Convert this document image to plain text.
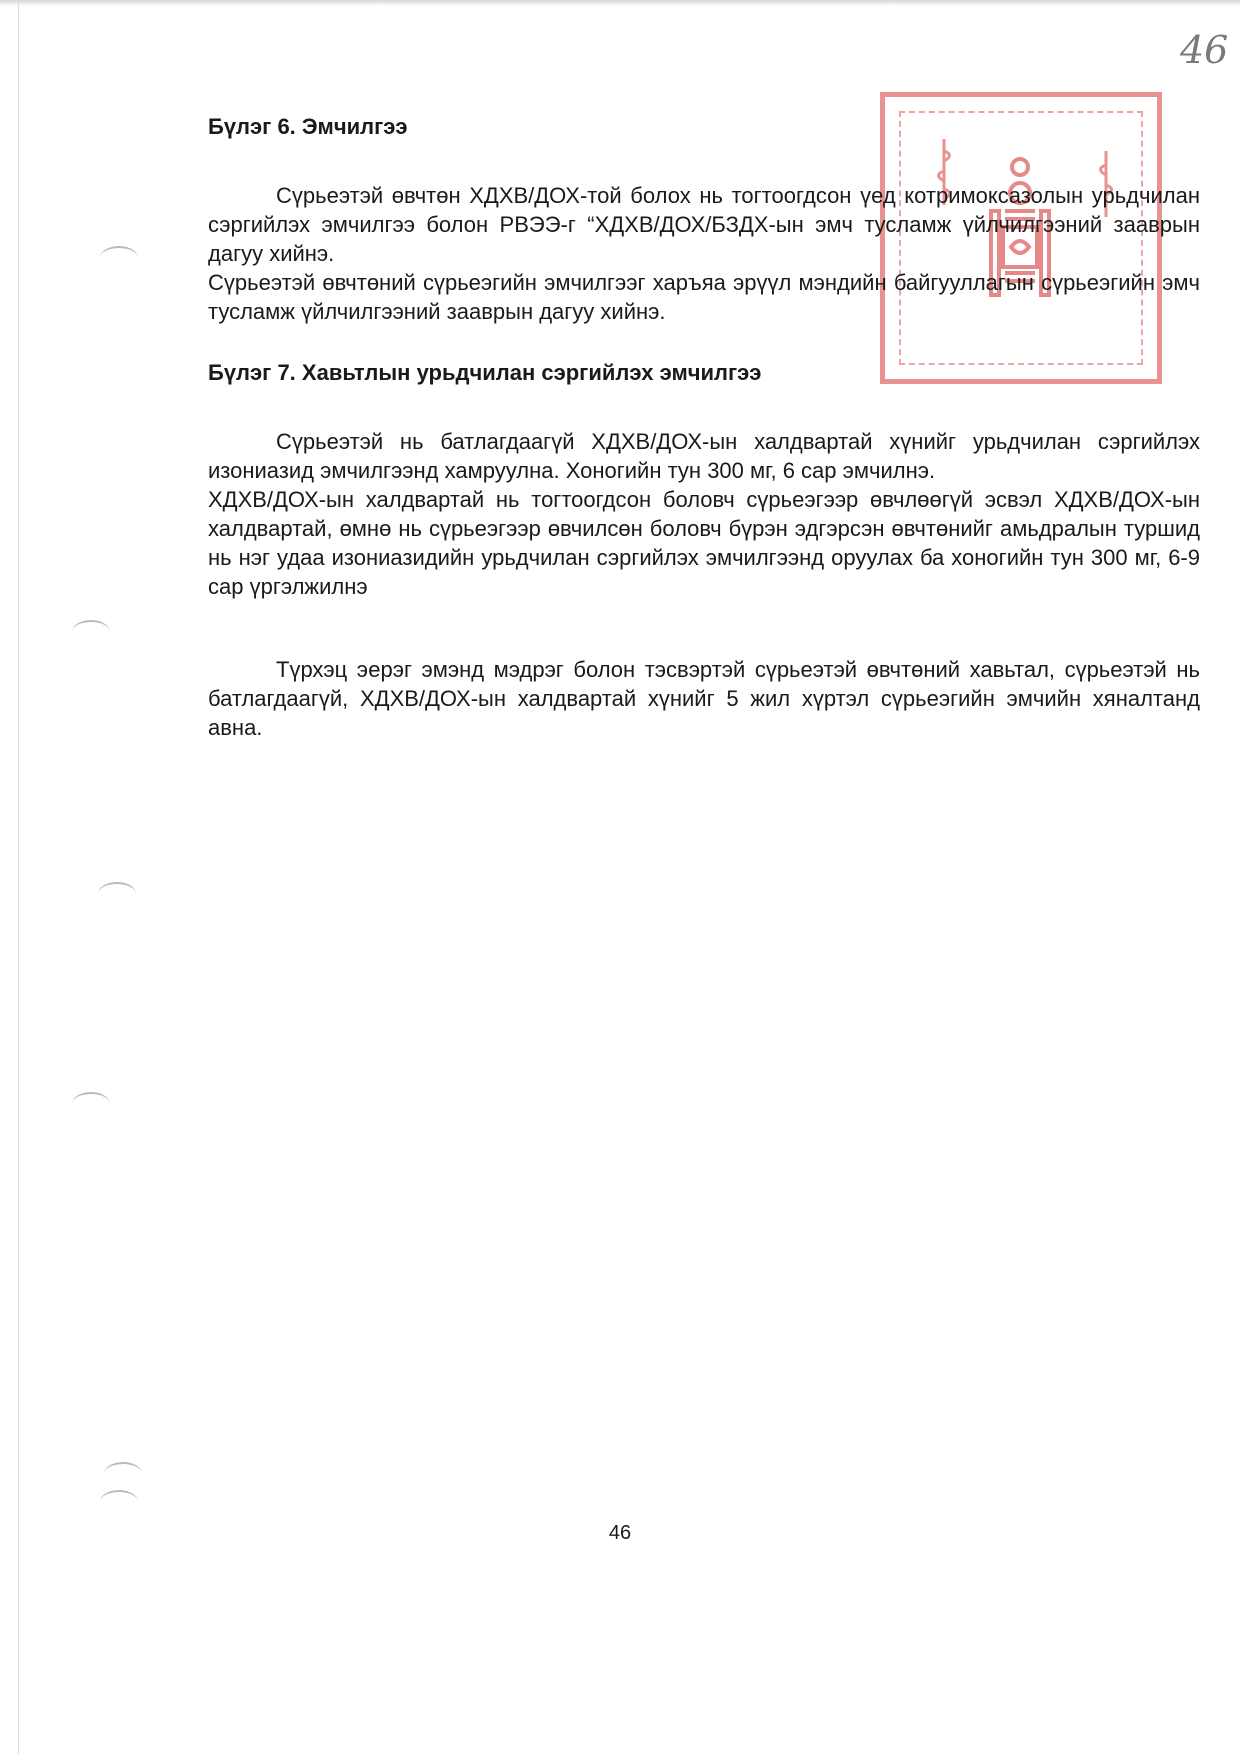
46

Бүлэг 6. Эмчилгээ

Сүрьеэтэй өвчтөн ХДХВ/ДОХ-той болох нь тогтоогдсон үед котримоксазолын урьдчилан сэргийлэх эмчилгээ болон РВЭЭ-г “ХДХВ/ДОХ/БЗДХ-ын эмч тусламж үйлчилгээний зааврын дагуу хийнэ.

Сүрьеэтэй өвчтөний сүрьеэгийн эмчилгээг харъяа эрүүл мэндийн байгууллагын сүрьеэгийн эмч тусламж үйлчилгээний зааврын дагуу хийнэ.

Бүлэг 7. Хавьтлын урьдчилан сэргийлэх эмчилгээ

Сүрьеэтэй нь батлагдаагүй ХДХВ/ДОХ-ын халдвартай хүнийг урьдчилан сэргийлэх изониазид эмчилгээнд хамруулна. Хоногийн тун 300 мг, 6 сар эмчилнэ.

ХДХВ/ДОХ-ын халдвартай нь тогтоогдсон боловч сүрьеэгээр өвчлөөгүй эсвэл ХДХВ/ДОХ-ын халдвартай, өмнө нь сүрьеэгээр өвчилсөн боловч бүрэн эдгэрсэн өвчтөнийг амьдралын туршид нь нэг удаа изониазидийн урьдчилан сэргийлэх эмчилгээнд оруулах ба хоногийн тун 300 мг, 6-9 сар үргэлжилнэ

Түрхэц эерэг эмэнд мэдрэг болон тэсвэртэй сүрьеэтэй өвчтөний хавьтал, сүрьеэтэй нь батлагдаагүй, ХДХВ/ДОХ-ын халдвартай хүнийг 5 жил хүртэл сүрьеэгийн эмчийн хяналтанд авна.

46
